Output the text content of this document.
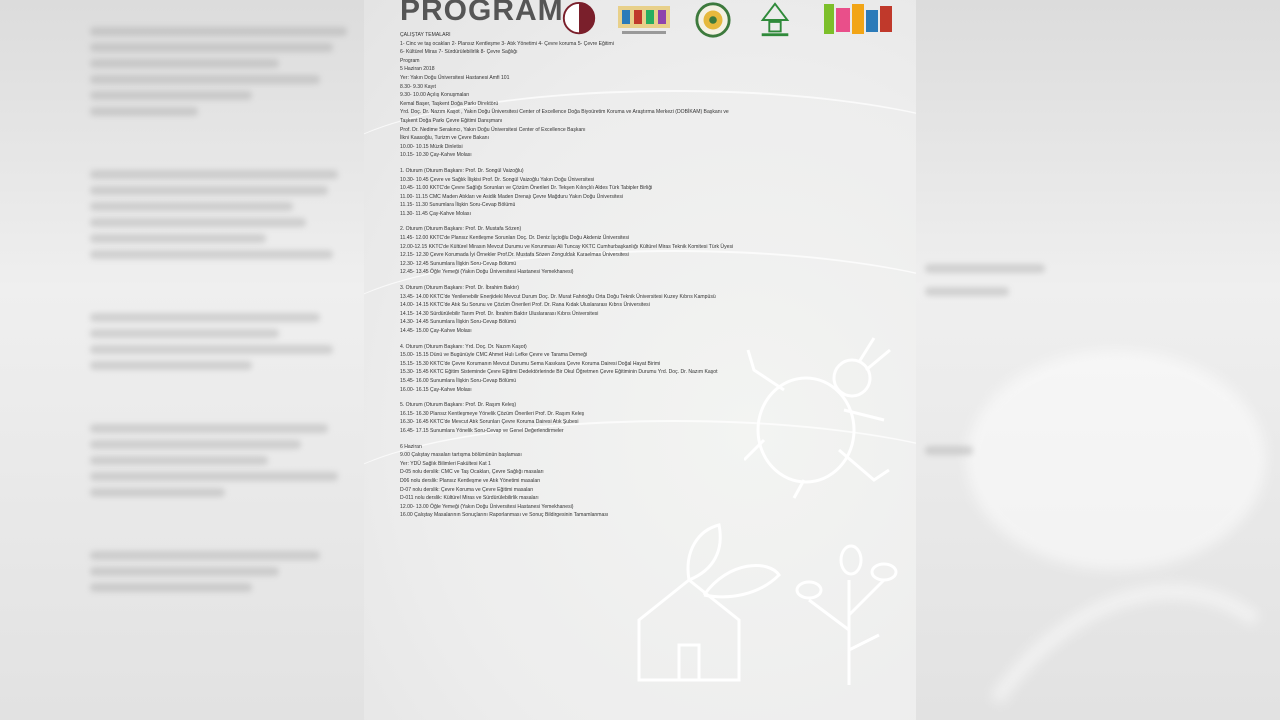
PROGRAM
ÇALIŞTAY TEMALARI
1- Cinc ve taş ocakları 2- Plansız Kentleşme 3- Atık Yönetimi 4- Çevre koruma 5- Çevre Eğitimi
6- Kültürel Miras 7- Sürdürülebilirlik 8- Çevre Sağlığı
Program
5 Haziran 2018
Yer: Yakın Doğu Üniversitesi Hastanesi Amfi 101
8.30- 9.30 Kayıt
9.30- 10.00 Açılış Konuşmaları
Kemal Başer, Taşkent Doğa Parkı Direktörü
Yrd. Doç. Dr. Nazım Kaşot , Yakın Doğu Üniversitesi Center of Excellence Doğa Biyoüretim Koruma ve Araştırma Merkezi (DOBİKAM) Başkanı ve
Taşkent Doğa Parkı Çevre Eğitimi Danışmanı
Prof. Dr. Nedime Serakıncı, Yakın Doğu Üniversitesi Center of Excellence Başkanı
İlkni Kaasoğlu, Turizm ve Çevre Bakanı
10.00- 10.15 Müzik Dinletisi
10.15- 10.30 Çay-Kahve Molası
1. Oturum (Oturum Başkanı: Prof. Dr. Songül Vaizoğlu)
10.30- 10.45 Çevre ve Sağlık İlişkisi Prof. Dr. Songül Vaizoğlu Yakın Doğu Üniversitesi
10.45- 11.00 KKTC'de Çevre Sağlığı Sorunları ve Çözüm Önerileri Dr. Tekşen Kılınçlılı Aldes Türk Tabipler Birliği
11.00- 11.15 CMC Maden Atıkları ve Asidik Maden Drenajı Çevre Mağduru Yakın Doğu Üniversitesi
11.15- 11.30 Sunumlara İlişkin Soru-Cevap Bölümü
11.30- 11.45 Çay-Kahve Molası
2. Oturum (Oturum Başkanı: Prof. Dr. Mustafa Sözen)
11.45- 12.00 KKTC'de Plansız Kentleşme Sorunları Doç. Dr. Deniz İşçioğlu Doğu Akdeniz Üniversitesi
12.00-12.15 KKTC'de Kültürel Mirasın Mevcut Durumu ve Korunması Ali Tuncay KKTC Cumhurbaşkanlığı Kültürel Miras Teknik Komitesi Türk Üyesi
12.15- 12.30 Çevre Korumada İyi Örnekler Prof.Dr. Mustafa Sözen Zonguldak Karaelmas Üniversitesi
12.30- 12.45 Sunumlara İlişkin Soru-Cevap Bölümü
12.45- 13.45 Öğle Yemeği (Yakın Doğu Üniversitesi Hastanesi Yemekhanesi)
3. Oturum (Oturum Başkanı: Prof. Dr. İbrahim Baktır)
13.45- 14.00 KKTC'de Yenilenebilir Enerjideki Mevcut Durum Doç. Dr. Murat Fahrioğlu Orta Doğu Teknik Üniversitesi Kuzey Kıbrıs Kampüsü
14.00- 14.15 KKTC'de Atık Su Sorunu ve Çözüm Önerileri Prof. Dr. Rana Kıdak Uluslararası Kıbrıs Üniversitesi
14.15- 14.30 Sürdürülebilir Tarım Prof. Dr. İbrahim Baktır Uluslararası Kıbrıs Üniversitesi
14.30- 14.45 Sunumlara İlişkin Soru-Cevap Bölümü
14.45- 15.00 Çay-Kahve Molası
4. Oturum (Oturum Başkanı: Yrd. Doç. Dr. Nazım Kaşot)
15.00- 15.15 Dünü ve Bugünüyle CMC Ahmet Hulı Lefke Çevre ve Tarama Derneği
15.15- 15.30 KKTC'de Çevre Korumanın Mevcut Durumu Sema Kasıkara Çevre Koruma Dairesi Doğal Hayat Birimi
15.30- 15.45 KKTC Eğitim Sisteminde Çevre Eğitimi Dedektörlerinde Bir Okul Öğretmen Çevre Eğitiminin Durumu Yrd. Doç. Dr. Nazım Kaşot
15.45- 16.00 Sunumlara İlişkin Soru-Cevap Bölümü
16.00- 16.15 Çay-Kahve Molası
5. Oturum (Oturum Başkanı: Prof. Dr. Raşım Keleş)
16.15- 16.30 Plansız Kentleşmeye Yönelik Çözüm Önerileri Prof. Dr. Raşım Keleş
16.30- 16.45 KKTC'de Mevcut Atık Sorunları Çevre Koruma Dairesi Atık Şubesi
16.45- 17.15 Sunumlara Yönelik Soru-Cevap ve Genel Değerlendirmeler
6 Haziran
9.00 Çalıştay masaları tartışma bölümünün başlaması
Yer: YDÜ Sağlık Bilimleri Fakültesi Kat 1
D-05 nolu derslik: CMC ve Taş Ocakları, Çevre Sağlığı masaları
D06 nolu derslik: Plansız Kentleşme ve Atık Yönetimi masaları
D-07 nolu derslik: Çevre Koruma ve Çevre Eğitimi masaları
D-011 nolu derslik: Kültürel Miras ve Sürdürülebilirlik masaları
12.00- 13.00 Öğle Yemeği (Yakın Doğu Üniversitesi Hastanesi Yemekhanesi)
16.00 Çalıştay Masalarının Sonuçlarını Raporlanması ve Sonuç Bildirgesinin Tamamlanması
